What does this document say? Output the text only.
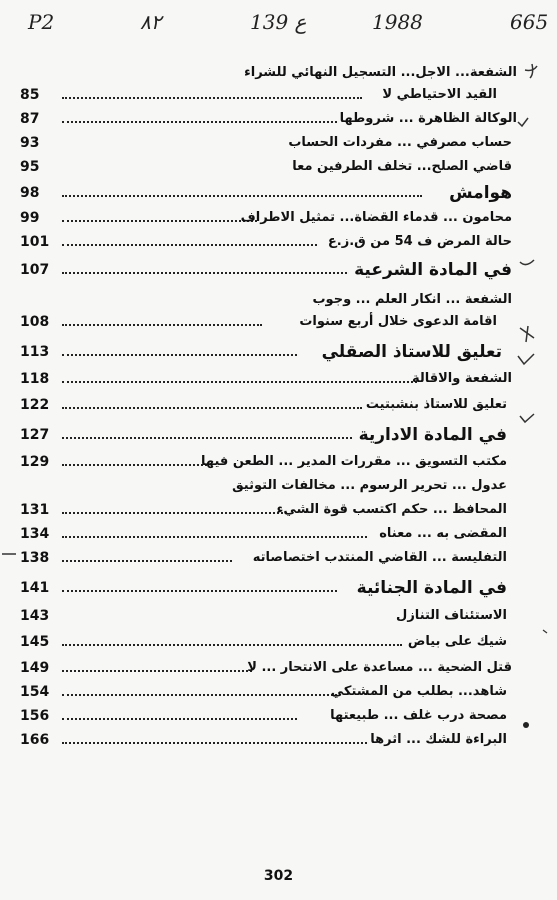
665
1988
139 ع
٨٢
P2
الشفعة... الاجل... التسجيل النهائي للشراء
85	القيد الاحتياطي لا
87	الوكالة الظاهرة ... شروطها
93	حساب مصرفي ... مفردات الحساب
95	قاضي الصلح... تخلف الطرفين معا
98	هوامش
99	محامون ... قدماء القضاة... تمثيل الاطراف
101	حالة المرض ف 54 من ق.ز.ع
107	في المادة الشرعية
الشفعة ... انكار العلم ... وجوب
108	اقامة الدعوى خلال أربع سنوات
113	تعليق للاستاذ الصقلي
118	الشفعة والاقالة
122	تعليق للاستاذ بنشبتيت
127	في المادة الادارية
129	مكتب التسويق ... مقررات المدير ... الطعن فيها
عدول ... تحرير الرسوم ... مخالفات التوثيق
131	المحافظ ... حكم اكتسب قوة الشيء
134	المقضى به ... معناه
138	التفليسة ... القاضي المنتدب اختصاصاته
141	في المادة الجنائية
143	الاستئناف التنازل
145	شيك على بياض
149	قتل الضحية ... مساعدة على الانتحار ... لا
154	شاهد... بطلب من المشتكي
156	مصحة درب غلف ... طبيعتها
166	البراءة للشك ... اثرها
302
